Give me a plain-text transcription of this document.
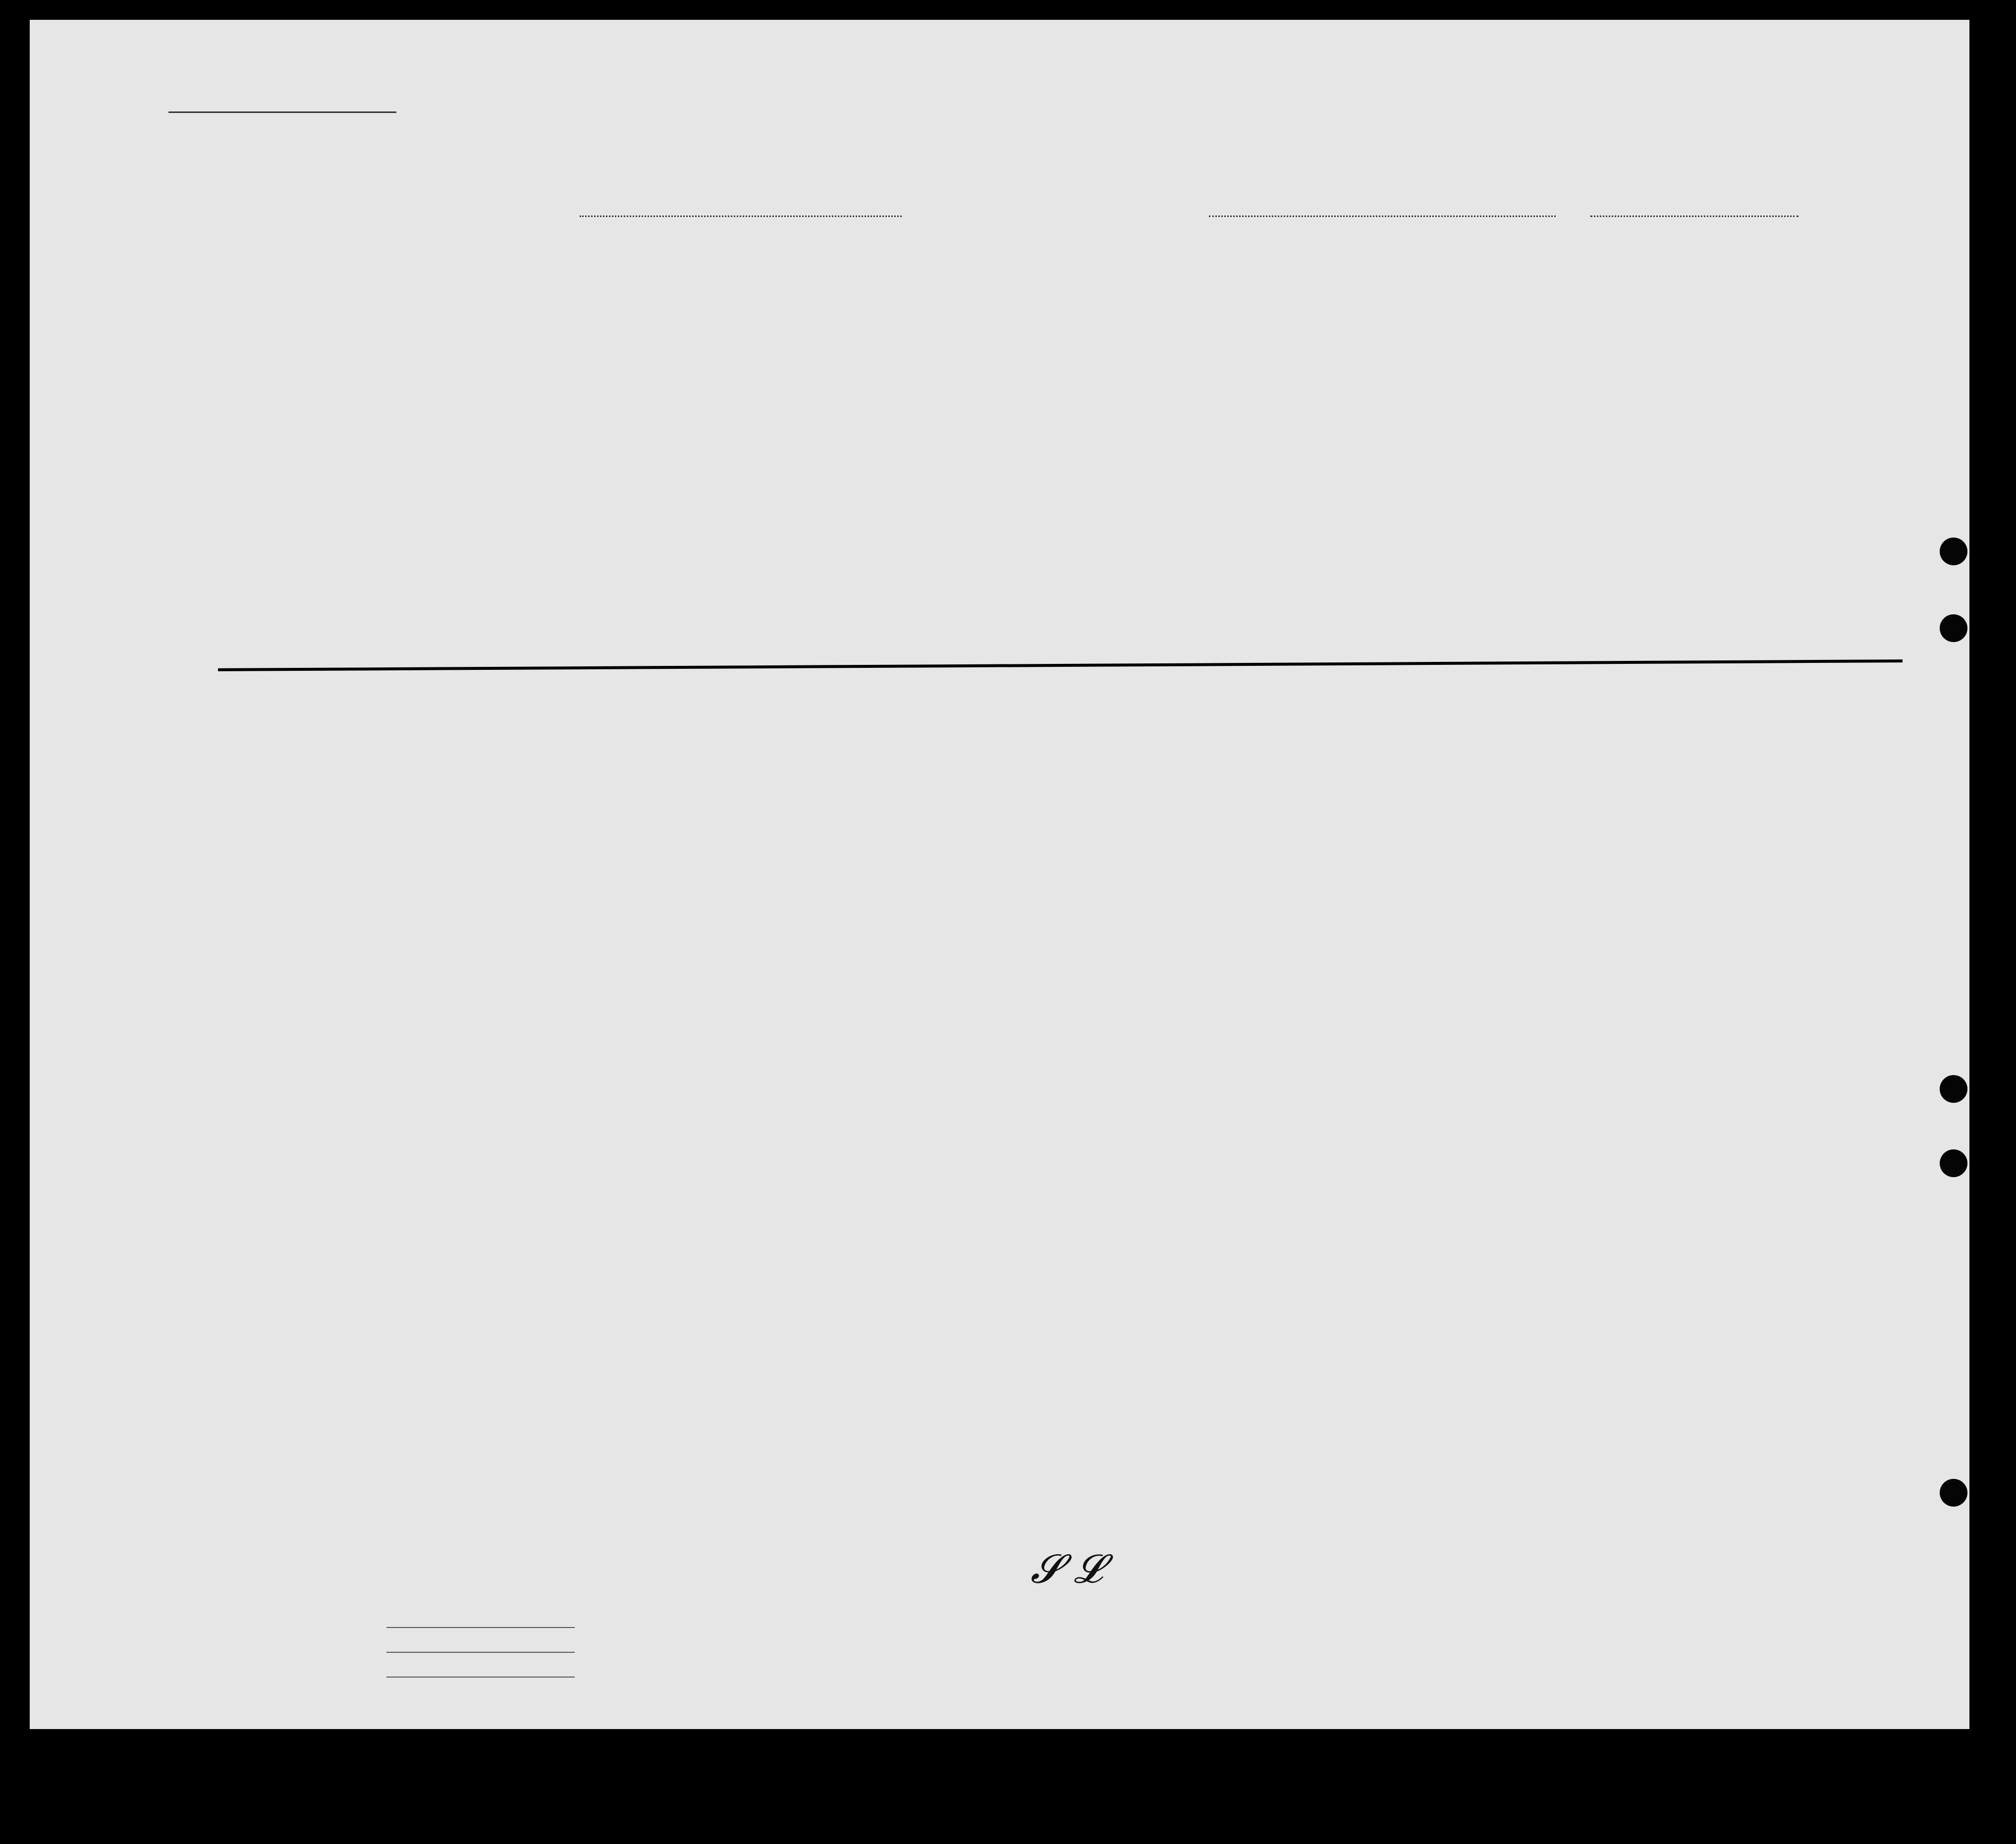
𝓢 𝓛
